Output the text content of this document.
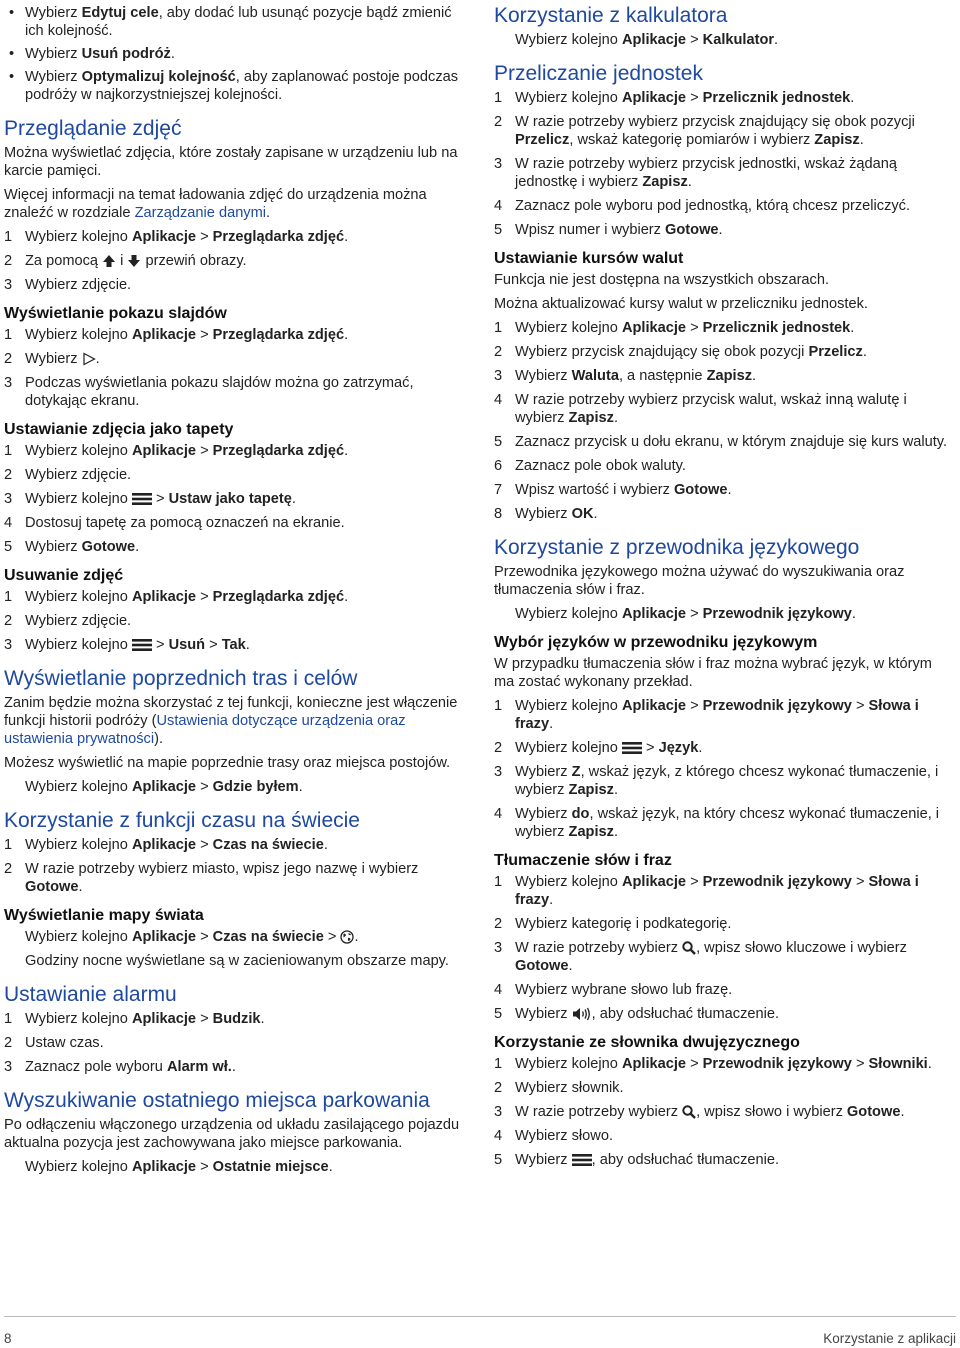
• Wybierz Edytuj cele, aby dodać lub usunąć pozycje bądź zmienić ich kolejność.
• Wybierz Usuń podróż.
• Wybierz Optymalizuj kolejność, aby zaplanować postoje podczas podróży w najkorzystniejszej kolejności.
Przeglądanie zdjęć

Można wyświetlać zdjęcia, które zostały zapisane w urządzeniu lub na karcie pamięci.

Więcej informacji na temat ładowania zdjęć do urządzenia można znaleźć w rozdziale Zarządzanie danymi.

1 Wybierz kolejno Aplikacje > Przeglądarka zdjęć.
2 Za pomocą
i
przewiń obrazy.
3 Wybierz zdjęcie.
Wyświetlanie pokazu slajdów
1 Wybierz kolejno Aplikacje > Przeglądarka zdjęć.
2 Wybierz
.
3 Podczas wyświetlania pokazu slajdów można go zatrzymać, dotykając ekranu.
Ustawianie zdjęcia jako tapety
1 Wybierz kolejno Aplikacje > Przeglądarka zdjęć.
2 Wybierz zdjęcie.
3 Wybierz kolejno
> Ustaw jako tapetę.
4 Dostosuj tapetę za pomocą oznaczeń na ekranie.
5 Wybierz Gotowe.
Usuwanie zdjęć
1 Wybierz kolejno Aplikacje > Przeglądarka zdjęć.
2 Wybierz zdjęcie.
3 Wybierz kolejno
> Usuń > Tak.
Wyświetlanie poprzednich tras i celów

Zanim będzie można skorzystać z tej funkcji, konieczne jest włączenie funkcji historii podróży (Ustawienia dotyczące urządzenia oraz ustawienia prywatności).

Możesz wyświetlić na mapie poprzednie trasy oraz miejsca postojów.

Wybierz kolejno Aplikacje > Gdzie byłem.

Korzystanie z funkcji czasu na świecie
1 Wybierz kolejno Aplikacje > Czas na świecie.
2 W razie potrzeby wybierz miasto, wpisz jego nazwę i wybierz Gotowe.
Wyświetlanie mapy świata

Wybierz kolejno Aplikacje > Czas na świecie >
.

Godziny nocne wyświetlane są w zacieniowanym obszarze mapy.

Ustawianie alarmu
1 Wybierz kolejno Aplikacje > Budzik.
2 Ustaw czas.
3 Zaznacz pole wyboru Alarm wł..
Wyszukiwanie ostatniego miejsca parkowania

Po odłączeniu włączonego urządzenia od układu zasilającego pojazdu aktualna pozycja jest zachowywana jako miejsce parkowania.

Wybierz kolejno Aplikacje > Ostatnie miejsce.

Korzystanie z kalkulatora

Wybierz kolejno Aplikacje > Kalkulator.

Przeliczanie jednostek
1 Wybierz kolejno Aplikacje > Przelicznik jednostek.
2 W razie potrzeby wybierz przycisk znajdujący się obok pozycji Przelicz, wskaż kategorię pomiarów i wybierz Zapisz.
3 W razie potrzeby wybierz przycisk jednostki, wskaż żądaną jednostkę i wybierz Zapisz.
4 Zaznacz pole wyboru pod jednostką, którą chcesz przeliczyć.
5 Wpisz numer i wybierz Gotowe.
Ustawianie kursów walut

Funkcja nie jest dostępna na wszystkich obszarach.

Można aktualizować kursy walut w przeliczniku jednostek.

1 Wybierz kolejno Aplikacje > Przelicznik jednostek.
2 Wybierz przycisk znajdujący się obok pozycji Przelicz.
3 Wybierz Waluta, a następnie Zapisz.
4 W razie potrzeby wybierz przycisk walut, wskaż inną walutę i wybierz Zapisz.
5 Zaznacz przycisk u dołu ekranu, w którym znajduje się kurs waluty.
6 Zaznacz pole obok waluty.
7 Wpisz wartość i wybierz Gotowe.
8 Wybierz OK.
Korzystanie z przewodnika językowego

Przewodnika językowego można używać do wyszukiwania oraz tłumaczenia słów i fraz.

Wybierz kolejno Aplikacje > Przewodnik językowy.

Wybór języków w przewodniku językowym

W przypadku tłumaczenia słów i fraz można wybrać język, w którym ma zostać wykonany przekład.

1 Wybierz kolejno Aplikacje > Przewodnik językowy > Słowa i frazy.
2 Wybierz kolejno
> Język.
3 Wybierz Z, wskaż język, z którego chcesz wykonać tłumaczenie, i wybierz Zapisz.
4 Wybierz do, wskaż język, na który chcesz wykonać tłumaczenie, i wybierz Zapisz.
Tłumaczenie słów i fraz
1 Wybierz kolejno Aplikacje > Przewodnik językowy > Słowa i frazy.
2 Wybierz kategorię i podkategorię.
3 W razie potrzeby wybierz
, wpisz słowo kluczowe i wybierz Gotowe.
4 Wybierz wybrane słowo lub frazę.
5 Wybierz
, aby odsłuchać tłumaczenie.
Korzystanie ze słownika dwujęzycznego
1 Wybierz kolejno Aplikacje > Przewodnik językowy > Słowniki.
2 Wybierz słownik.
3 W razie potrzeby wybierz
, wpisz słowo i wybierz Gotowe.
4 Wybierz słowo.
5 Wybierz
, aby odsłuchać tłumaczenie.
8	Korzystanie z aplikacji
